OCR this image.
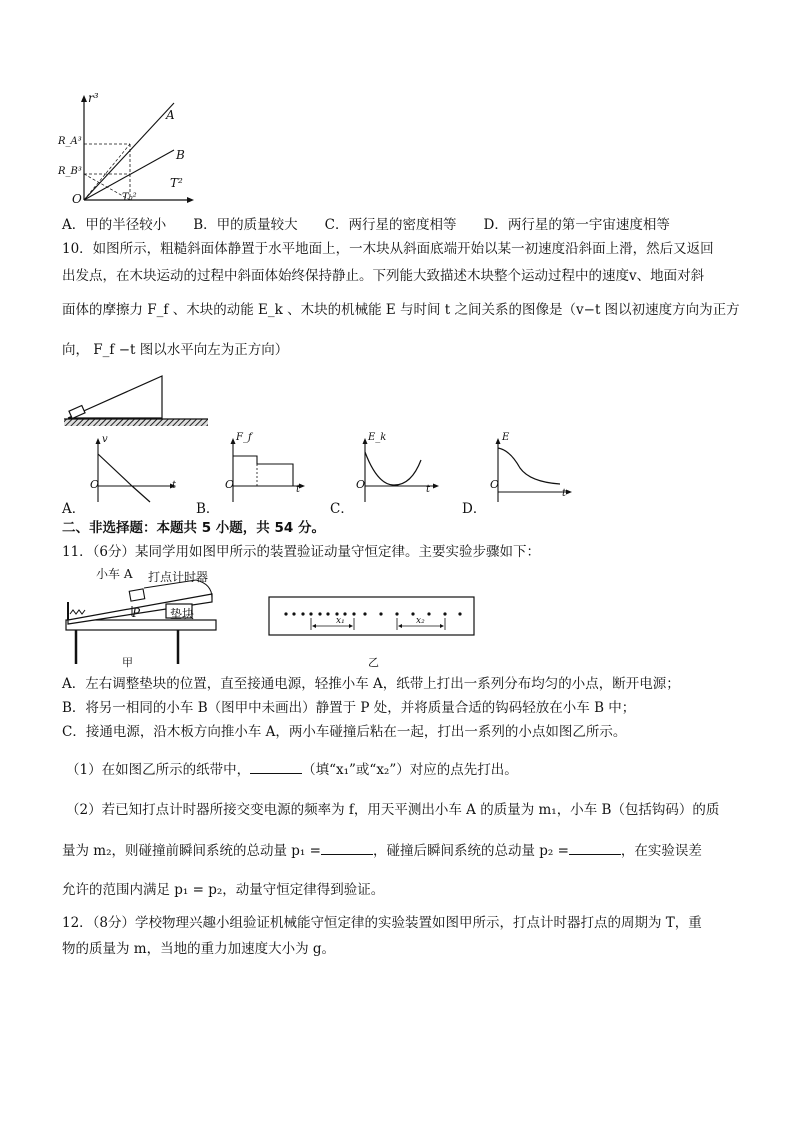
r³
T²
O
A
B
R_A³
R_B³
T₀²
A．甲的半径较小　　B．甲的质量较大　　C．两行星的密度相等　　D．两行星的第一宇宙速度相等
10．如图所示，粗糙斜面体静置于水平地面上，一木块从斜面底端开始以某一初速度沿斜面上滑，然后又返回
出发点，在木块运动的过程中斜面体始终保持静止。下列能大致描述木块整个运动过程中的速度v、地面对斜
面体的摩擦力 F_f 、木块的动能 E_k 、木块的机械能 E 与时间 t 之间关系的图像是（v−t 图以初速度方向为正方
向， F_f −t 图以水平向左为正方向）
v
t
O
F_f
t
O
E_k
t
O
E
t
O
A．	B．	C．	D．
二、非选择题：本题共 5 小题，共 54 分。
11．（6分）某同学用如图甲所示的装置验证动量守恒定律。主要实验步骤如下：
小车 A 打点计时器
P 垫块
甲
x₁	x₂
乙
A．左右调整垫块的位置，直至接通电源，轻推小车 A，纸带上打出一系列分布均匀的小点，断开电源；
B．将另一相同的小车 B（图甲中未画出）静置于 P 处，并将质量合适的钩码轻放在小车 B 中；
C．接通电源，沿木板方向推小车 A，两小车碰撞后粘在一起，打出一系列的小点如图乙所示。
（1）在如图乙所示的纸带中，	（填“x₁”或“x₂”）对应的点先打出。
（2）若已知打点计时器所接交变电源的频率为 f，用天平测出小车 A 的质量为 m₁，小车 B（包括钩码）的质
量为 m₂，则碰撞前瞬间系统的总动量 p₁ =	，碰撞后瞬间系统的总动量 p₂ =	，在实验误差
允许的范围内满足 p₁ = p₂，动量守恒定律得到验证。
12．（8分）学校物理兴趣小组验证机械能守恒定律的实验装置如图甲所示，打点计时器打点的周期为 T，重
物的质量为 m，当地的重力加速度大小为 g。
